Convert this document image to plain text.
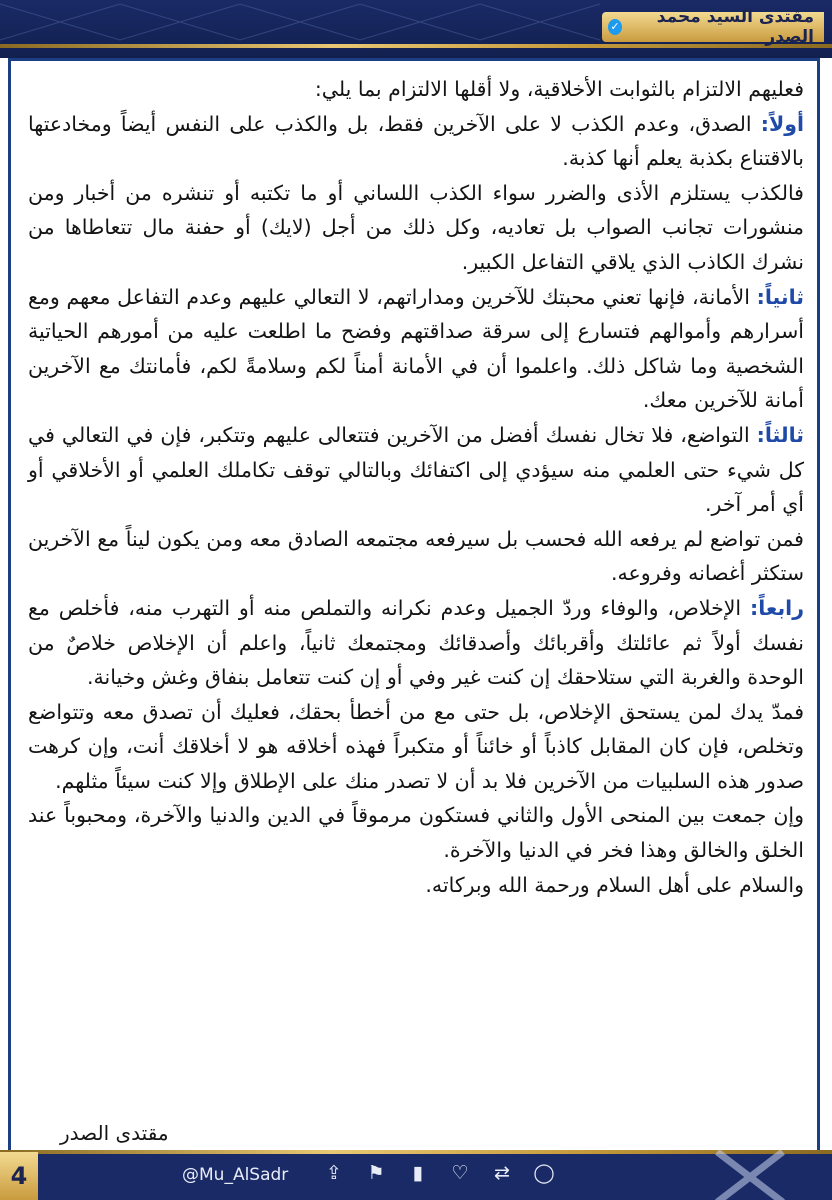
مقتدى السيد محمد الصدر
✓

فعليهم الالتزام بالثوابت الأخلاقية، ولا أقلها الالتزام بما يلي:

أولاً: الصدق، وعدم الكذب لا على الآخرين فقط، بل والكذب على النفس أيضاً ومخادعتها بالاقتناع بكذبة يعلم أنها كذبة.

فالكذب يستلزم الأذى والضرر سواء الكذب اللساني أو ما تكتبه أو تنشره من أخبار ومن منشورات تجانب الصواب بل تعاديه، وكل ذلك من أجل (لايك) أو حفنة مال تتعاطاها من نشرك الكاذب الذي يلاقي التفاعل الكبير.

ثانياً: الأمانة، فإنها تعني محبتك للآخرين ومداراتهم، لا التعالي عليهم وعدم التفاعل معهم ومع أسرارهم وأموالهم فتسارع إلى سرقة صداقتهم وفضح ما اطلعت عليه من أمورهم الحياتية الشخصية وما شاكل ذلك. واعلموا أن في الأمانة أمناً لكم وسلامةً لكم، فأمانتك مع الآخرين أمانة للآخرين معك.

ثالثاً: التواضع، فلا تخال نفسك أفضل من الآخرين فتتعالى عليهم وتتكبر، فإن في التعالي في كل شيء حتى العلمي منه سيؤدي إلى اكتفائك وبالتالي توقف تكاملك العلمي أو الأخلاقي أو أي أمر آخر.

فمن تواضع لم يرفعه الله فحسب بل سيرفعه مجتمعه الصادق معه ومن يكون ليناً مع الآخرين ستكثر أغصانه وفروعه.

رابعاً: الإخلاص، والوفاء وردّ الجميل وعدم نكرانه والتملص منه أو التهرب منه، فأخلص مع نفسك أولاً ثم عائلتك وأقربائك وأصدقائك ومجتمعك ثانياً، واعلم أن الإخلاص خلاصٌ من الوحدة والغربة التي ستلاحقك إن كنت غير وفي أو إن كنت تتعامل بنفاق وغش وخيانة.

فمدّ يدك لمن يستحق الإخلاص، بل حتى مع من أخطأ بحقك، فعليك أن تصدق معه وتتواضع وتخلص، فإن كان المقابل كاذباً أو خائناً أو متكبراً فهذه أخلاقه هو لا أخلاقك أنت، وإن كرهت صدور هذه السلبيات من الآخرين فلا بد أن لا تصدر منك على الإطلاق وإلا كنت سيئاً مثلهم.

وإن جمعت بين المنحى الأول والثاني فستكون مرموقاً في الدين والدنيا والآخرة، ومحبوباً عند الخلق والخالق وهذا فخر في الدنيا والآخرة.

والسلام على أهل السلام ورحمة الله وبركاته.

مقتدى الصدر
4	@Mu_AlSadr ⇪ ⚑	▮	♡ ⇄ ◯
